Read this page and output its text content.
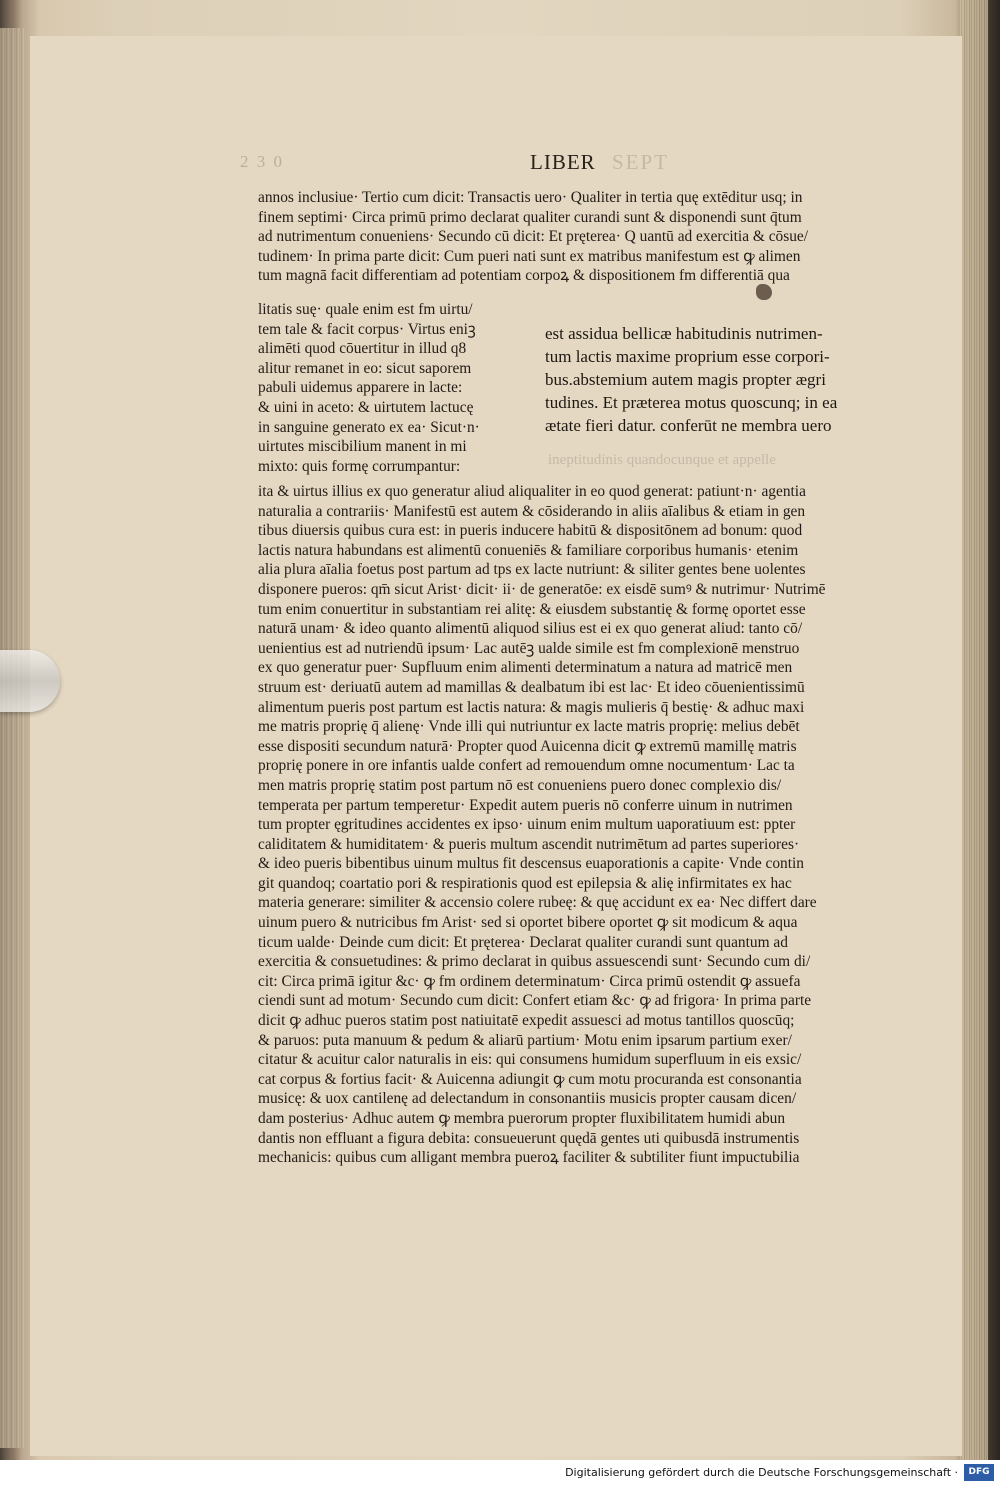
2 3 0	LIBER SEPT
annos inclusiue· Tertio cum dicit: Transactis uero· Qualiter in tertia quę extēditur usq; in
finem septimi· Circa primū primo declarat qualiter curandi sunt & disponendi sunt q̄tum
ad nutrimentum conueniens· Secundo cū dicit: Et pręterea· Q uantū ad exercitia & cōsue/
tudinem· In prima parte dicit: Cum pueri nati sunt ex matribus manifestum est ꝙ alimen
tum magnā facit differentiam ad potentiam corpoꝝ & dispositionem fm differentiā qua
litatis suę· quale enim est fm uirtu/
tem tale & facit corpus· Virtus eniꝫ
alimēti quod cōuertitur in illud q8
alitur remanet in eo: sicut saporem
pabuli uidemus apparere in lacte:
& uini in aceto: & uirtutem lactucę
in sanguine generato ex ea· Sicut·n·
uirtutes miscibilium manent in mi
mixto: quis formę corrumpantur:
est assidua bellicæ habitudinis nutrimen-
tum lactis maxime proprium esse corpori-
bus.abstemium autem magis propter ægri
tudines. Et præterea motus quoscunq; in ea
ætate fieri datur. conferūt ne membra uero
ineptitudinis quandocunque et appelle
ita & uirtus illius ex quo generatur aliud aliqualiter in eo quod generat: patiunt·n· agentia
naturalia a contrariis· Manifestū est autem & cōsiderando in aliis aīalibus & etiam in gen
tibus diuersis quibus cura est: in pueris inducere habitū & dispositōnem ad bonum: quod
lactis natura habundans est alimentū conueniēs & familiare corporibus humanis· etenim
alia plura aīalia foetus post partum ad tps ex lacte nutriunt: & siliter gentes bene uolentes
disponere pueros: qm̄ sicut Arist· dicit· ii· de generatōe: ex eisdē sumꝰ & nutrimur· Nutrimē
tum enim conuertitur in substantiam rei alitę: & eiusdem substantię & formę oportet esse
naturā unam· & ideo quanto alimentū aliquod silius est ei ex quo generat aliud: tanto cō/
uenientius est ad nutriendū ipsum· Lac autēꝫ ualde simile est fm complexionē menstruo
ex quo generatur puer· Supfluum enim alimenti determinatum a natura ad matricē men
struum est· deriuatū autem ad mamillas & dealbatum ibi est lac· Et ideo cōuenientissimū
alimentum pueris post partum est lactis natura: & magis mulieris q̄ bestię· & adhuc maxi
me matris proprię q̄ alienę· Vnde illi qui nutriuntur ex lacte matris proprię: melius debēt
esse dispositi secundum naturā· Propter quod Auicenna dicit ꝙ extremū mamillę matris
proprię ponere in ore infantis ualde confert ad remouendum omne nocumentum· Lac ta
men matris proprię statim post partum nō est conueniens puero donec complexio dis/
temperata per partum temperetur· Expedit autem pueris nō conferre uinum in nutrimen
tum propter ęgritudines accidentes ex ipso· uinum enim multum uaporatiuum est: ppter
caliditatem & humiditatem· & pueris multum ascendit nutrimētum ad partes superiores·
& ideo pueris bibentibus uinum multus fit descensus euaporationis a capite· Vnde contin
git quandoq; coartatio pori & respirationis quod est epilepsia & alię infirmitates ex hac
materia generare: similiter & accensio colere rubeę: & quę accidunt ex ea· Nec differt dare
uinum puero & nutricibus fm Arist· sed si oportet bibere oportet ꝙ sit modicum & aqua
ticum ualde· Deinde cum dicit: Et pręterea· Declarat qualiter curandi sunt quantum ad
exercitia & consuetudines: & primo declarat in quibus assuescendi sunt· Secundo cum di/
cit: Circa primā igitur &c· ꝙ fm ordinem determinatum· Circa primū ostendit ꝙ assuefa
ciendi sunt ad motum· Secundo cum dicit: Confert etiam &c· ꝙ ad frigora· In prima parte
dicit ꝙ adhuc pueros statim post natiuitatē expedit assuesci ad motus tantillos quoscūq;
& paruos: puta manuum & pedum & aliarū partium· Motu enim ipsarum partium exer/
citatur & acuitur calor naturalis in eis: qui consumens humidum superfluum in eis exsic/
cat corpus & fortius facit· & Auicenna adiungit ꝙ cum motu procuranda est consonantia
musicę: & uox cantilenę ad delectandum in consonantiis musicis propter causam dicen/
dam posterius· Adhuc autem ꝙ membra puerorum propter fluxibilitatem humidi abun
dantis non effluant a figura debita: consueuerunt quędā gentes uti quibusdā instrumentis
mechanicis: quibus cum alligant membra pueroꝝ faciliter & subtiliter fiunt impuctubilia
Digitalisierung gefördert durch die Deutsche Forschungsgemeinschaft ·	DFG
